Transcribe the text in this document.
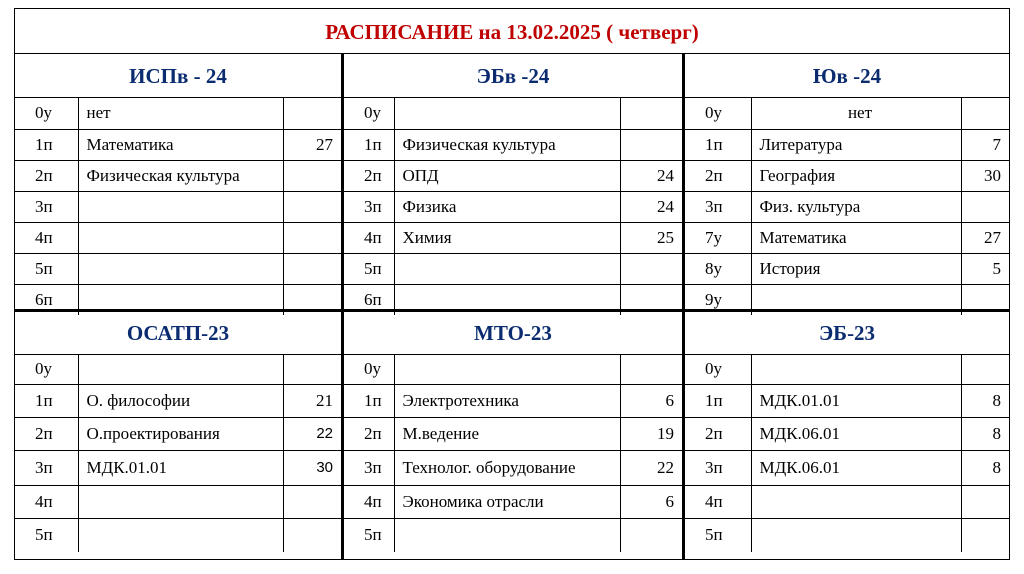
РАСПИСАНИЕ на 13.02.2025 ( четверг)
ИСПв - 24
0у	нет	
1п	Математика	27
2п	Физическая культура	
3п		
4п		
5п		
6п		
ЭБв -24
0у		
1п	Физическая культура	
2п	ОПД	24
3п	Физика	24
4п	Химия	25
5п		
6п		
Юв -24
0у	нет	
1п	Литература	7
2п	География	30
3п	Физ. культура	
7у	Математика	27
8у	История	5
9у		
ОСАТП-23
0у		
1п	О. философии	21
2п	О.проектирования	22
3п	МДК.01.01	30
4п		
5п		
МТО-23
0у		
1п	Электротехника	6
2п	М.ведение	19
3п	Технолог. оборудование	22
4п	Экономика отрасли	6
5п		
ЭБ-23
0у		
1п	МДК.01.01	8
2п	МДК.06.01	8
3п	МДК.06.01	8
4п		
5п		
